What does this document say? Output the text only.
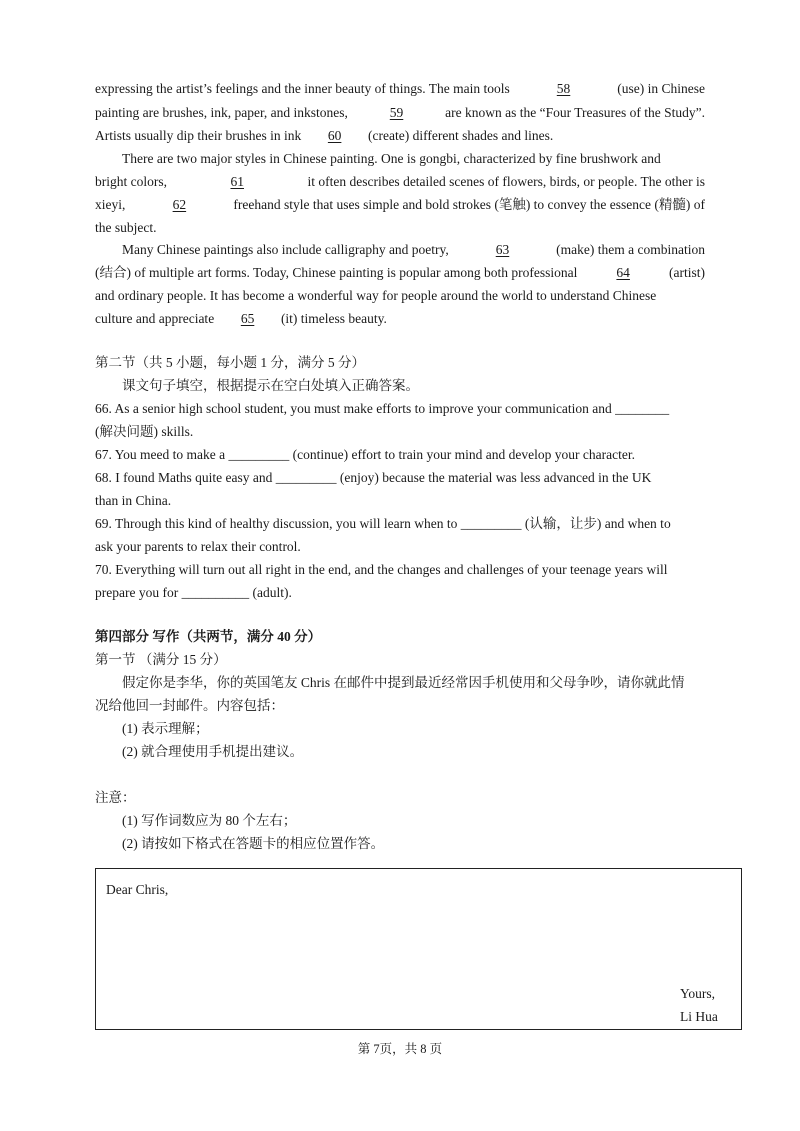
expressing the artist’s feelings and the inner beauty of things. The main tools	58	(use) in Chinese
painting are brushes, ink, paper, and inkstones,	59	are known as the “Four Treasures of the Study”.
Artists usually dip their brushes in ink 60 (create) different shades and lines.
There are two major styles in Chinese painting. One is gongbi, characterized by fine brushwork and
bright colors,	61	it often describes detailed scenes of flowers, birds, or people. The other is
xieyi,	62	freehand style that uses simple and bold strokes (笔触) to convey the essence (精髓) of
the subject.
Many Chinese paintings also include calligraphy and poetry,	63	(make) them a combination
(结合) of multiple art forms. Today, Chinese painting is popular among both professional	64	(artist)
and ordinary people. It has become a wonderful way for people around the world to understand Chinese
culture and appreciate 65 (it) timeless beauty.
第二节（共 5 小题，每小题 1 分，满分 5 分）
课文句子填空，根据提示在空白处填入正确答案。
66. As a senior high school student, you must make efforts to improve your communication and ________
(解决问题) skills.
67. You meed to make a _________ (continue) effort to train your mind and develop your character.
68. I found Maths quite easy and _________ (enjoy) because the material was less advanced in the UK
than in China.
69. Through this kind of healthy discussion, you will learn when to _________ (认输，让步) and when to
ask your parents to relax their control.
70. Everything will turn out all right in the end, and the changes and challenges of your teenage years will
prepare you for __________ (adult).
第四部分 写作（共两节，满分 40 分）
第一节 （满分 15 分）
假定你是李华，你的英国笔友 Chris 在邮件中提到最近经常因手机使用和父母争吵，请你就此情
况给他回一封邮件。内容包括：
(1) 表示理解；
(2) 就合理使用手机提出建议。
注意：
(1) 写作词数应为 80 个左右；
(2) 请按如下格式在答题卡的相应位置作答。
Dear Chris,
Yours,
Li Hua
第 7页，共 8 页
